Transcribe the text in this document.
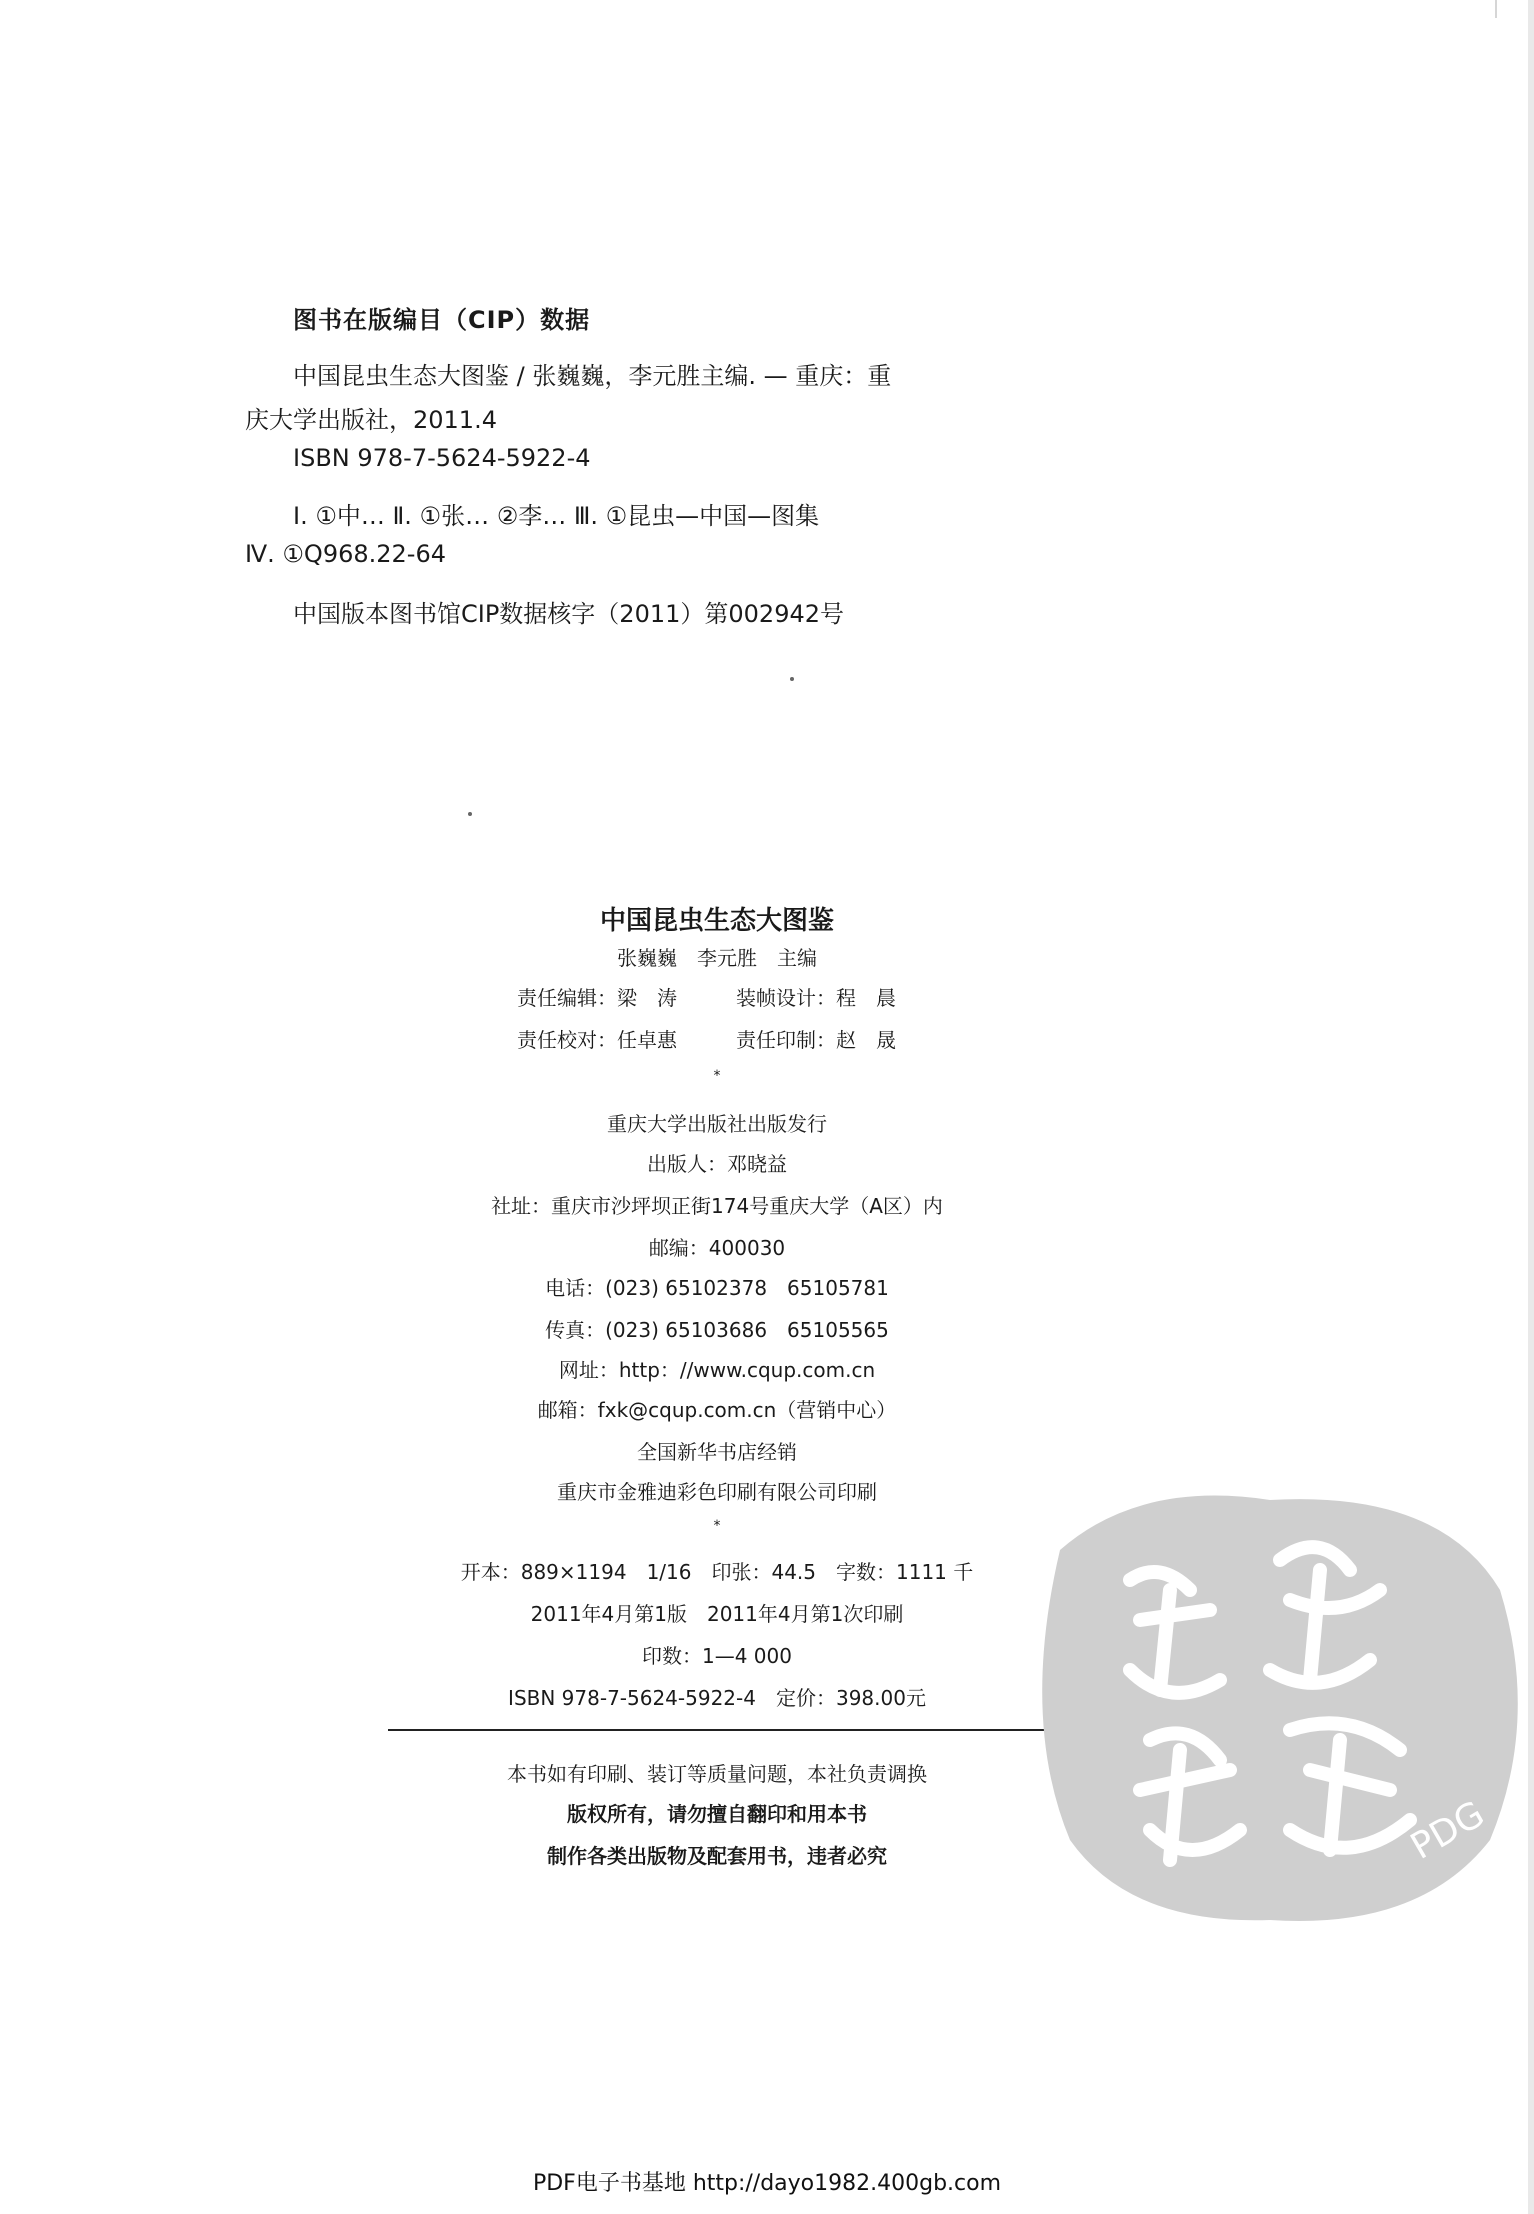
图书在版编目（CIP）数据
中国昆虫生态大图鉴 / 张巍巍，李元胜主编. — 重庆：重
庆大学出版社，2011.4
ISBN 978-7-5624-5922-4
Ⅰ. ①中… Ⅱ. ①张… ②李… Ⅲ. ①昆虫—中国—图集
Ⅳ. ①Q968.22-64
中国版本图书馆CIP数据核字（2011）第002942号
中国昆虫生态大图鉴
张巍巍　李元胜　主编
责任编辑：梁　涛	装帧设计：程　晨
责任校对：任卓惠	责任印制：赵　晟
*
重庆大学出版社出版发行
出版人：邓晓益
社址：重庆市沙坪坝正街174号重庆大学（A区）内
邮编：400030
电话：(023) 65102378　65105781
传真：(023) 65103686　65105565
网址：http：//www.cqup.com.cn
邮箱：fxk@cqup.com.cn（营销中心）
全国新华书店经销
重庆市金雅迪彩色印刷有限公司印刷
*
开本：889×1194　1/16　印张：44.5　字数：1111 千
2011年4月第1版　2011年4月第1次印刷
印数：1—4 000
ISBN 978-7-5624-5922-4　定价：398.00元
本书如有印刷、装订等质量问题，本社负责调换
版权所有，请勿擅自翻印和用本书
制作各类出版物及配套用书，违者必究	PDG
PDF电子书基地 http://dayo1982.400gb.com
